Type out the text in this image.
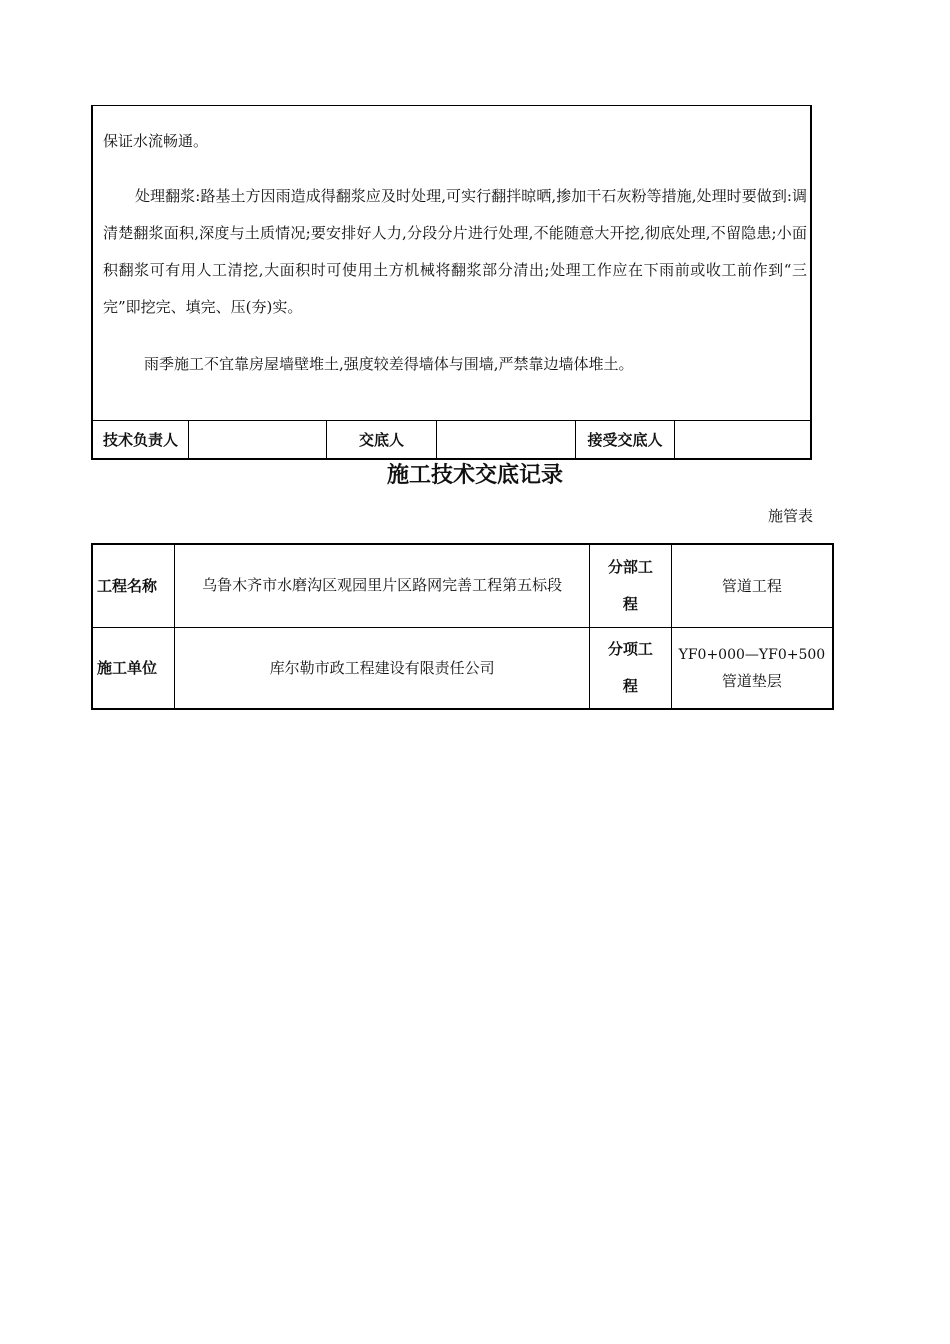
保证水流畅通。

处理翻浆:路基土方因雨造成得翻浆应及时处理,可实行翻拌晾晒,掺加干石灰粉等措施,处理时要做到:调清楚翻浆面积,深度与土质情况;要安排好人力,分段分片进行处理,不能随意大开挖,彻底处理,不留隐患;小面积翻浆可有用人工清挖,大面积时可使用土方机械将翻浆部分清出;处理工作应在下雨前或收工前作到“三完”即挖完、填完、压(夯)实。

雨季施工不宜靠房屋墙壁堆土,强度较差得墙体与围墙,严禁靠边墙体堆土。

技术负责人	交底人	接受交底人
施工技术交底记录
施管表
工程名称	乌鲁木齐市水磨沟区观园里片区路网完善工程第五标段	分部工程	管道工程
施工单位	库尔勒市政工程建设有限责任公司	分项工程	YF0+000—YF0+500
管道垫层
